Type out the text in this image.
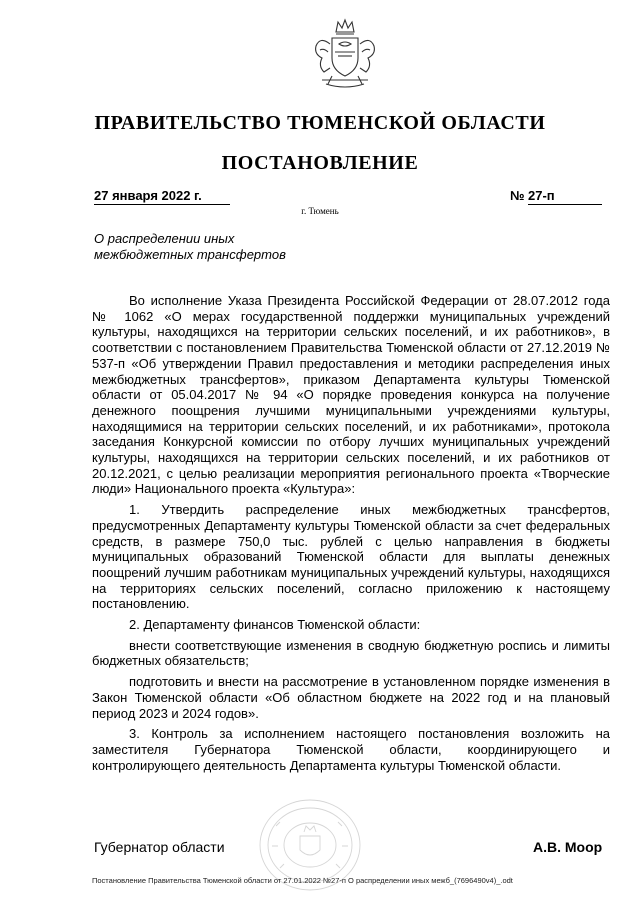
ПРАВИТЕЛЬСТВО ТЮМЕНСКОЙ ОБЛАСТИ
ПОСТАНОВЛЕНИЕ
27 января 2022 г.	№ 27-п
г. Тюмень
О распределении иных
межбюджетных трансфертов

Во исполнение Указа Президента Российской Федерации от 28.07.2012 года № 1062 «О мерах государственной поддержки муниципальных учреждений культуры, находящихся на территории сельских поселений, и их работников», в соответствии с постановлением Правительства Тюменской области от 27.12.2019 № 537-п «Об утверждении Правил предоставления и методики распределения иных межбюджетных трансфертов», приказом Департамента культуры Тюменской области от 05.04.2017 № 94 «О порядке проведения конкурса на получение денежного поощрения лучшими муниципальными учреждениями культуры, находящимися на территории сельских поселений, и их работниками», протокола заседания Конкурсной комиссии по отбору лучших муниципальных учреждений культуры, находящихся на территории сельских поселений, и их работников от 20.12.2021, с целью реализации мероприятия регионального проекта «Творческие люди» Национального проекта «Культура»:

1. Утвердить распределение иных межбюджетных трансфертов, предусмотренных Департаменту культуры Тюменской области за счет федеральных средств, в размере 750,0 тыс. рублей с целью направления в бюджеты муниципальных образований Тюменской области для выплаты денежных поощрений лучшим работникам муниципальных учреждений культуры, находящихся на территориях сельских поселений, согласно приложению к настоящему постановлению.

2. Департаменту финансов Тюменской области:

внести соответствующие изменения в сводную бюджетную роспись и лимиты бюджетных обязательств;

подготовить и внести на рассмотрение в установленном порядке изменения в Закон Тюменской области «Об областном бюджете на 2022 год и на плановый период 2023 и 2024 годов».

3. Контроль за исполнением настоящего постановления возложить на заместителя Губернатора Тюменской области, координирующего и контролирующего деятельность Департамента культуры Тюменской области.

Губернатор области	А.В. Моор
Постановление Правительства Тюменской области от 27.01.2022 №27-п О распределении иных межб_(7696490v4)_.odt
